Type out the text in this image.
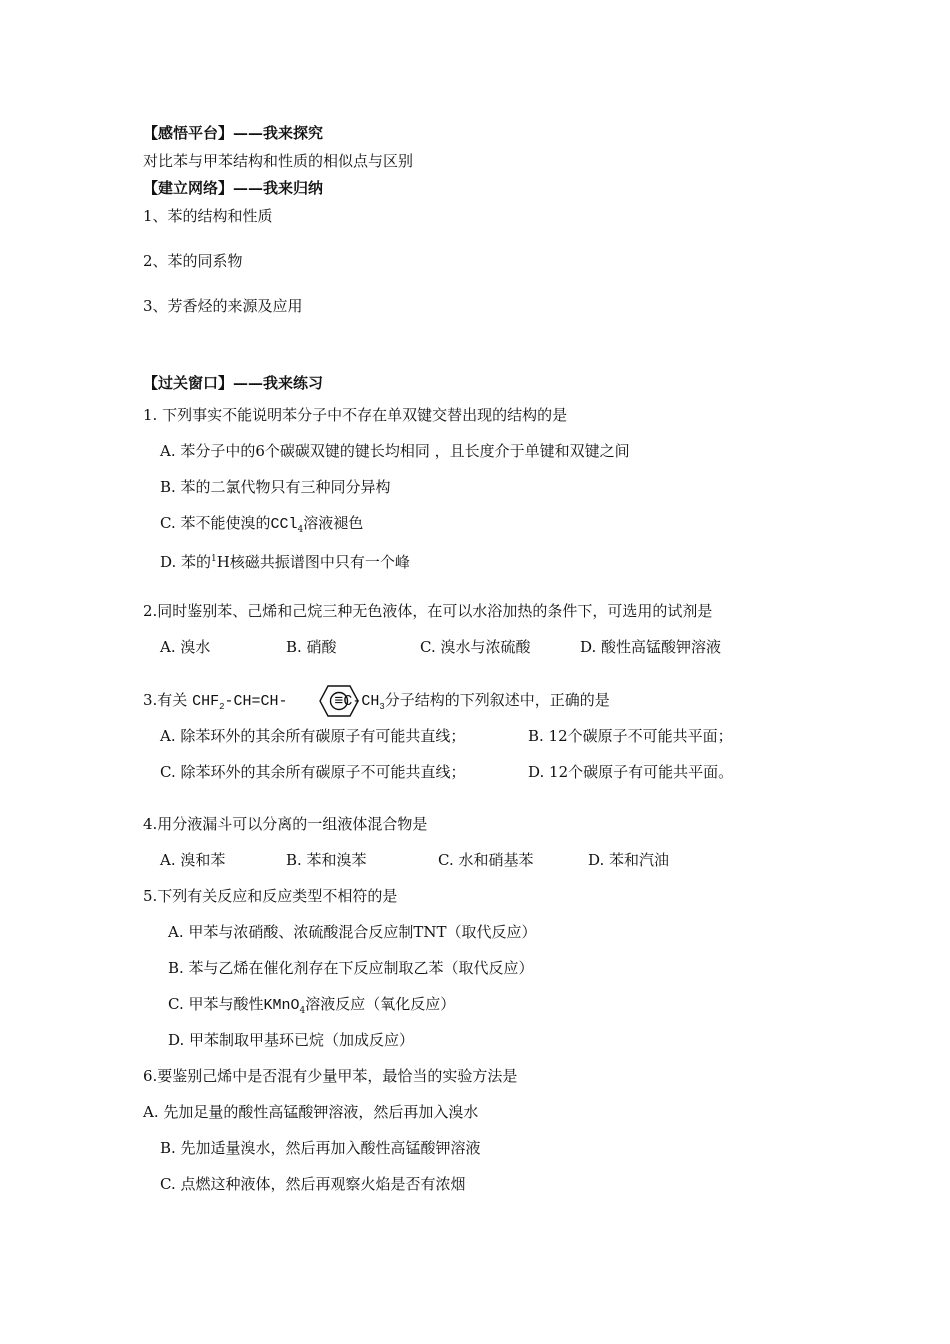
【感悟平台】——我来探究
对比苯与甲苯结构和性质的相似点与区别
【建立网络】——我来归纳
1、苯的结构和性质
2、苯的同系物
3、芳香烃的来源及应用
【过关窗口】——我来练习
1. 下列事实不能说明苯分子中不存在单双键交替出现的结构的是
A. 苯分子中的6个碳碳双键的键长均相同 ，且长度介于单键和双键之间
B. 苯的二氯代物只有三种同分异构
C. 苯不能使溴的CCl$_4$溶液褪色
D. 苯的$^1$H核磁共振谱图中只有一个峰
2.同时鉴别苯、己烯和己烷三种无色液体，在可以水浴加热的条件下，可选用的试剂是
A. 溴水	B. 硝酸	C. 溴水与浓硫酸	D. 酸性高锰酸钾溶液
3.有关 $CHF_2-CH=CH-$	$\equiv C-CH_3$分子结构的下列叙述中，正确的是
A. 除苯环外的其余所有碳原子有可能共直线；	B. 12个碳原子不可能共平面；
C. 除苯环外的其余所有碳原子不可能共直线；	D. 12个碳原子有可能共平面。
4.用分液漏斗可以分离的一组液体混合物是
A. 溴和苯	B. 苯和溴苯	C. 水和硝基苯	D. 苯和汽油
5.下列有关反应和反应类型不相符的是
A. 甲苯与浓硝酸、浓硫酸混合反应制TNT（取代反应）
B. 苯与乙烯在催化剂存在下反应制取乙苯（取代反应）
C. 甲苯与酸性KMnO$_4$溶液反应（氧化反应）
D. 甲苯制取甲基环已烷（加成反应）
6.要鉴别己烯中是否混有少量甲苯，最恰当的实验方法是
A. 先加足量的酸性高锰酸钾溶液，然后再加入溴水
B. 先加适量溴水，然后再加入酸性高锰酸钾溶液
C. 点燃这种液体，然后再观察火焰是否有浓烟
